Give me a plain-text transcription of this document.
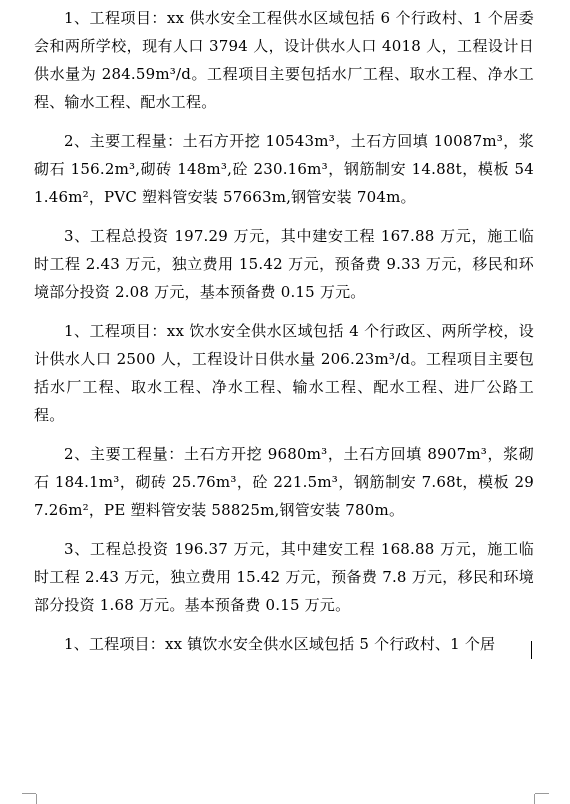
1、工程项目：xx 供水安全工程供水区域包括 6 个行政村、1 个居委会和两所学校，现有人口 3794 人，设计供水人口 4018 人，工程设计日供水量为 284.59m³/d。工程项目主要包括水厂工程、取水工程、净水工程、输水工程、配水工程。

2、主要工程量：土石方开挖 10543m³，土石方回填 10087m³，浆砌石 156.2m³,砌砖 148m³,砼 230.16m³，钢筋制安 14.88t，模板 541.46m²，PVC 塑料管安装 57663m,钢管安装 704m。

3、工程总投资 197.29 万元，其中建安工程 167.88 万元，施工临时工程 2.43 万元，独立费用 15.42 万元，预备费 9.33 万元，移民和环境部分投资 2.08 万元，基本预备费 0.15 万元。

1、工程项目：xx 饮水安全供水区域包括 4 个行政区、两所学校，设计供水人口 2500 人，工程设计日供水量 206.23m³/d。工程项目主要包括水厂工程、取水工程、净水工程、输水工程、配水工程、进厂公路工程。

2、主要工程量：土石方开挖 9680m³，土石方回填 8907m³，浆砌石 184.1m³，砌砖 25.76m³，砼 221.5m³，钢筋制安 7.68t，模板 297.26m²，PE 塑料管安装 58825m,钢管安装 780m。

3、工程总投资 196.37 万元，其中建安工程 168.88 万元，施工临时工程 2.43 万元，独立费用 15.42 万元，预备费 7.8 万元，移民和环境部分投资 1.68 万元。基本预备费 0.15 万元。

1、工程项目：xx 镇饮水安全供水区域包括 5 个行政村、1 个居
